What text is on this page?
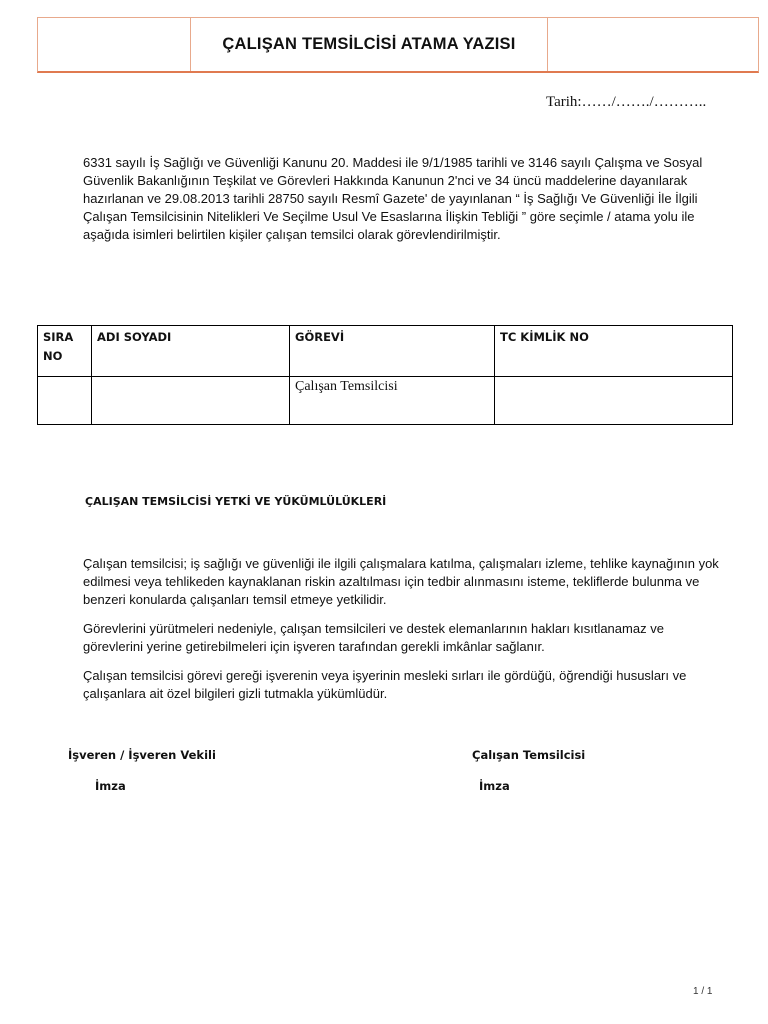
ÇALIŞAN TEMSİLCİSİ ATAMA YAZISI
Tarih:……/……./………..
6331 sayılı İş Sağlığı ve Güvenliği Kanunu 20. Maddesi ile 9/1/1985 tarihli ve 3146 sayılı Çalışma ve Sosyal Güvenlik Bakanlığının Teşkilat ve Görevleri Hakkında Kanunun 2'nci ve 34 üncü maddelerine dayanılarak hazırlanan ve 29.08.2013 tarihli 28750 sayılı Resmî Gazete' de yayınlanan “ İş Sağlığı Ve Güvenliği İle İlgili Çalışan Temsilcisinin Nitelikleri Ve Seçilme Usul Ve Esaslarına İlişkin Tebliği ” göre seçimle / atama yolu ile aşağıda isimleri belirtilen kişiler çalışan temsilci olarak görevlendirilmiştir.
SIRA NO	ADI SOYADI	GÖREVİ	TC KİMLİK NO
		Çalışan Temsilcisi	
ÇALIŞAN TEMSİLCİSİ YETKİ VE YÜKÜMLÜLÜKLERİ
Çalışan temsilcisi; iş sağlığı ve güvenliği ile ilgili çalışmalara katılma, çalışmaları izleme, tehlike kaynağının yok edilmesi veya tehlikeden kaynaklanan riskin azaltılması için tedbir alınmasını isteme, tekliflerde bulunma ve benzeri konularda çalışanları temsil etmeye yetkilidir.
Görevlerini yürütmeleri nedeniyle, çalışan temsilcileri ve destek elemanlarının hakları kısıtlanamaz ve görevlerini yerine getirebilmeleri için işveren tarafından gerekli imkânlar sağlanır.
Çalışan temsilcisi görevi gereği işverenin veya işyerinin mesleki sırları ile gördüğü, öğrendiği hususları ve çalışanlara ait özel bilgileri gizli tutmakla yükümlüdür.
İşveren / İşveren Vekili
İmza
Çalışan Temsilcisi
İmza
1 / 1
